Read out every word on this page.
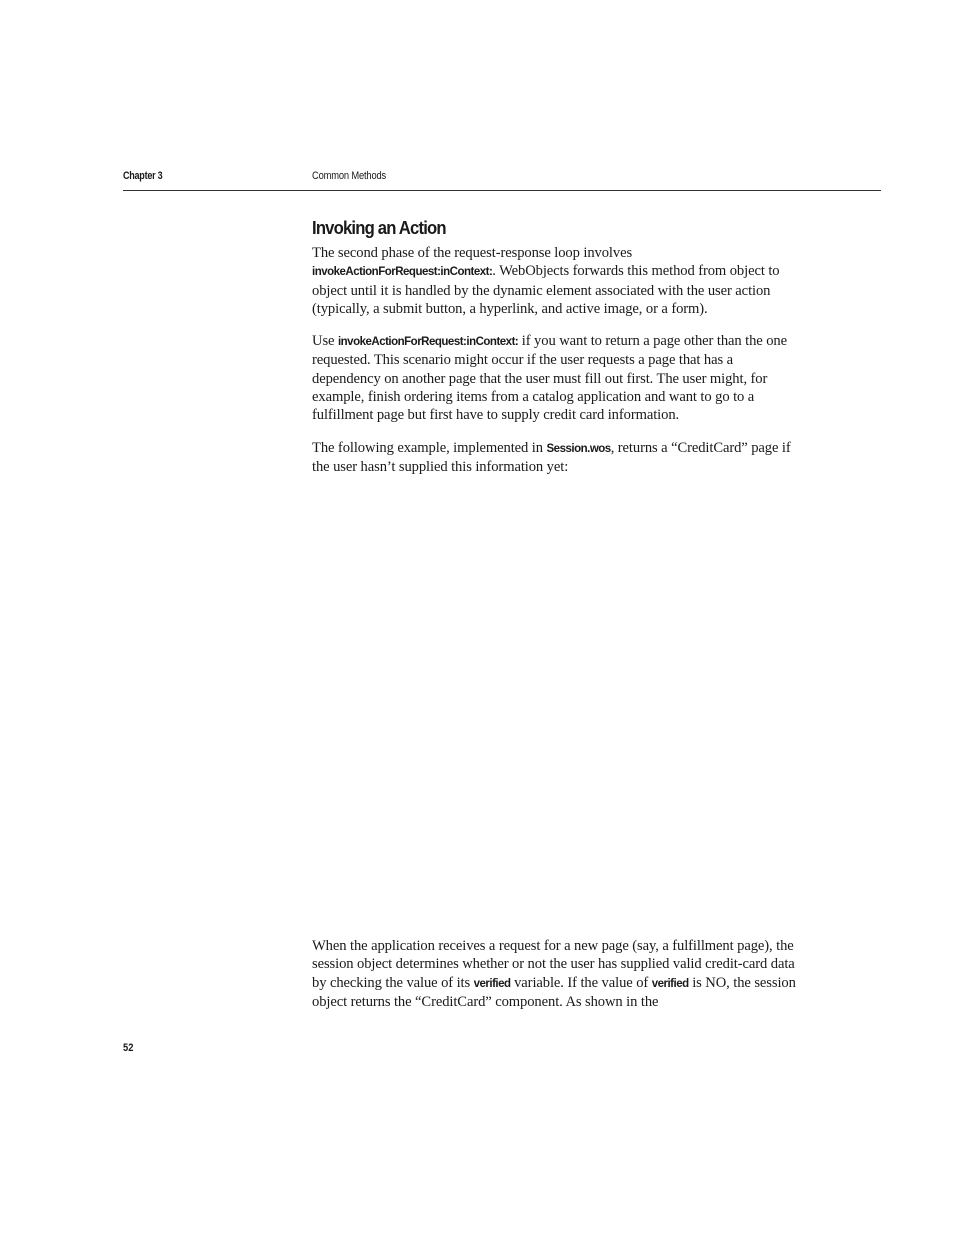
Chapter 3	Common Methods
Invoking an Action

The second phase of the request-response loop involves invokeActionForRequest:inContext:. WebObjects forwards this method from object to object until it is handled by the dynamic element associated with the user action (typically, a submit button, a hyperlink, and active image, or a form).

Use invokeActionForRequest:inContext: if you want to return a page other than the one requested. This scenario might occur if the user requests a page that has a dependency on another page that the user must fill out first. The user might, for example, finish ordering items from a catalog application and want to go to a fulfillment page but first have to supply credit card information.

The following example, implemented in Session.wos, returns a “CreditCard” page if the user hasn’t supplied this information yet:

When the application receives a request for a new page (say, a fulfillment page), the session object determines whether or not the user has supplied valid credit-card data by checking the value of its verified variable. If the value of verified is NO, the session object returns the “CreditCard” component. As shown in the

52
